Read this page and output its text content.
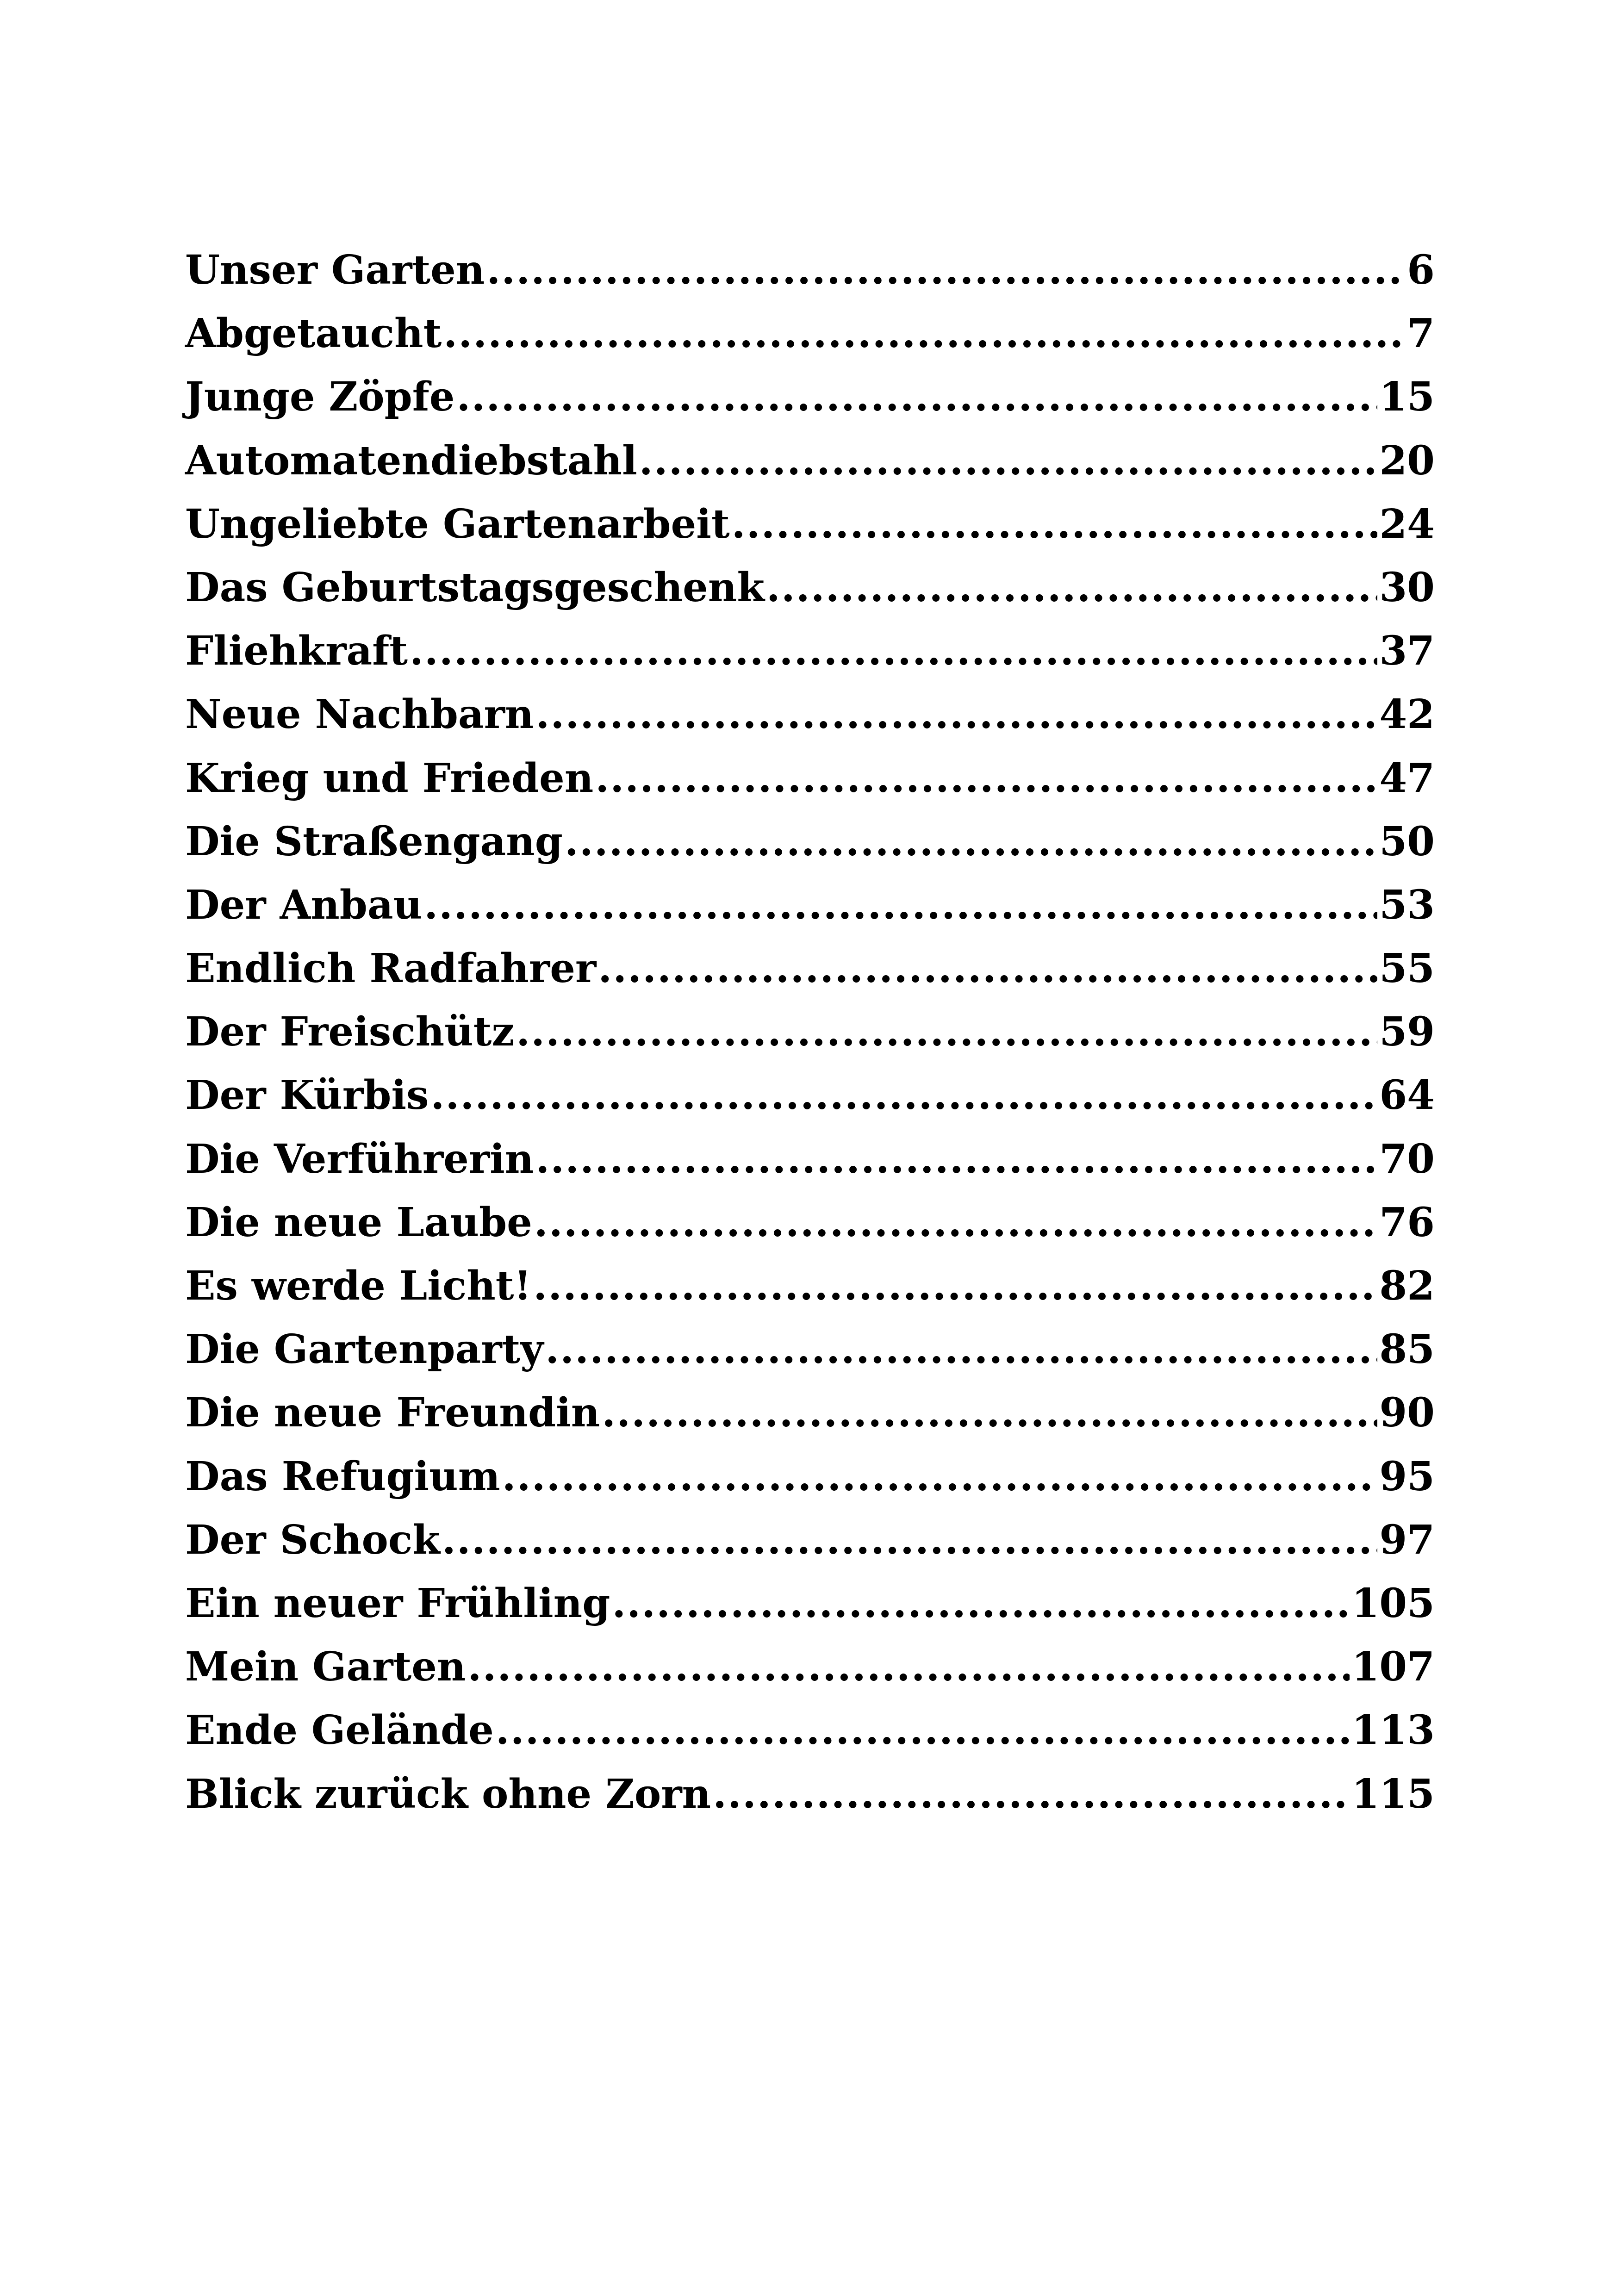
Unser Garten .....	6
Abgetaucht .....	7
Junge Zöpfe .....	15
Automatendiebstahl .....	20
Ungeliebte Gartenarbeit .....	24
Das Geburtstagsgeschenk .....	30
Fliehkraft .....	37
Neue Nachbarn .....	42
Krieg und Frieden .....	47
Die Straßengang .....	50
Der Anbau .....	53
Endlich Radfahrer .....	55
Der Freischütz .....	59
Der Kürbis .....	64
Die Verführerin .....	70
Die neue Laube .....	76
Es werde Licht! .....	82
Die Gartenparty .....	85
Die neue Freundin .....	90
Das Refugium .....	95
Der Schock .....	97
Ein neuer Frühling .....	105
Mein Garten .....	107
Ende Gelände .....	113
Blick zurück ohne Zorn .....	115
